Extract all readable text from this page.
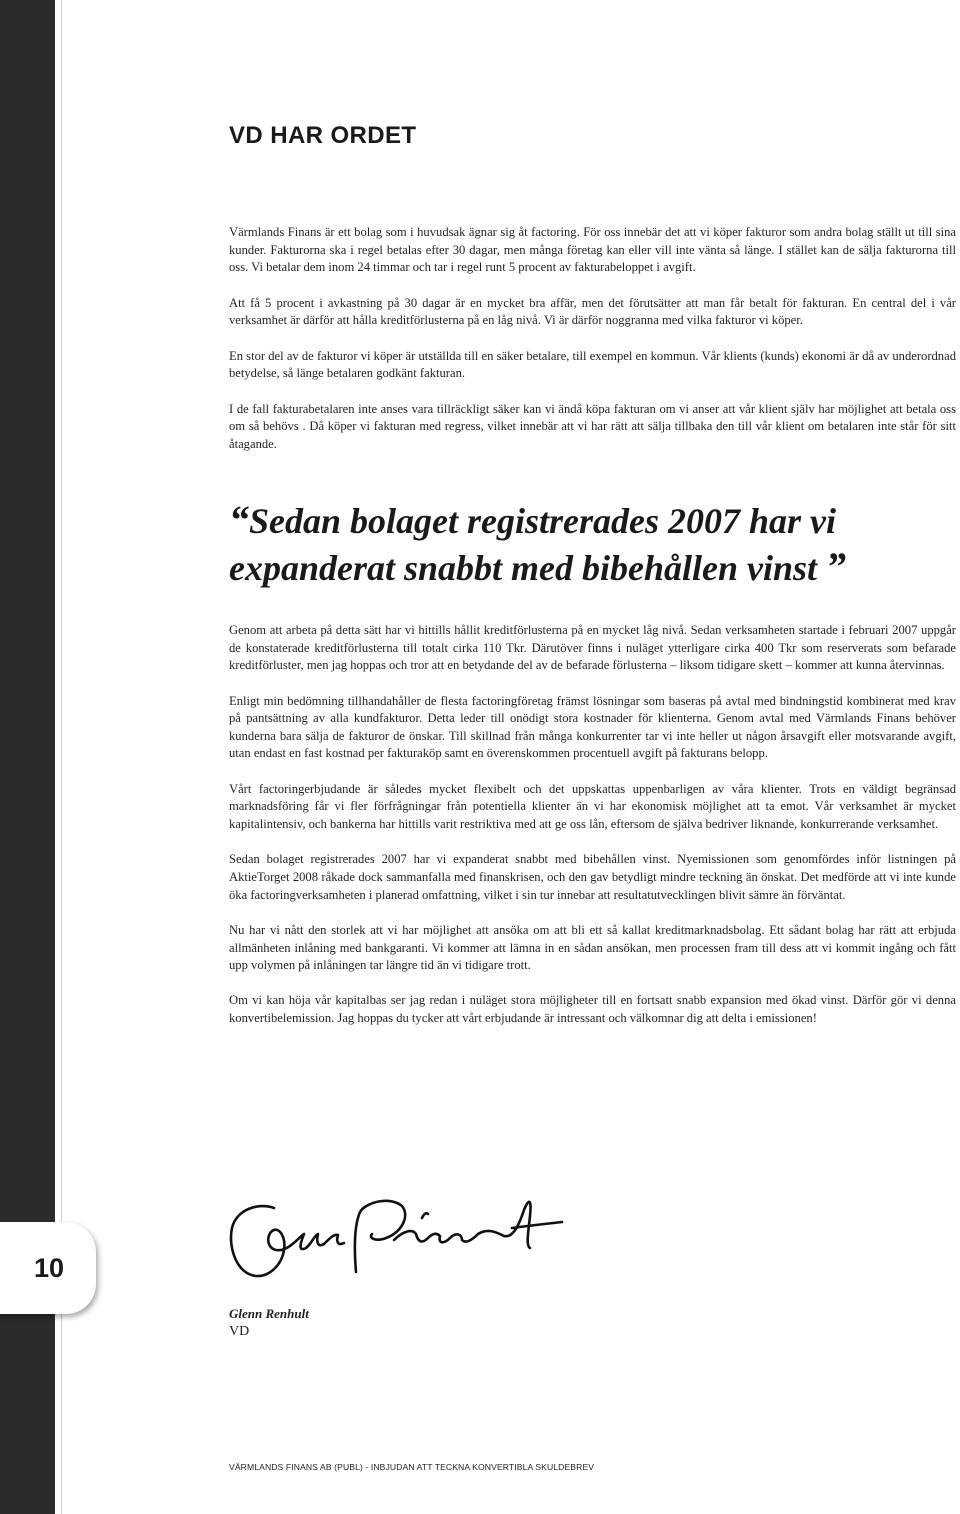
10
VD HAR ORDET

Värmlands Finans är ett bolag som i huvudsak ägnar sig åt factoring. För oss innebär det att vi köper fakturor som andra bolag ställt ut till sina kunder. Fakturorna ska i regel betalas efter 30 dagar, men många företag kan eller vill inte vänta så länge. I stället kan de sälja fakturorna till oss. Vi betalar dem inom 24 timmar och tar i regel runt 5 procent av fakturabeloppet i avgift.

Att få 5 procent i avkastning på 30 dagar är en mycket bra affär, men det förutsätter att man får betalt för fakturan. En central del i vår verksamhet är därför att hålla kreditförlusterna på en låg nivå. Vi är därför noggranna med vilka fakturor vi köper.

En stor del av de fakturor vi köper är utställda till en säker betalare, till exempel en kommun. Vår klients (kunds) ekonomi är då av underordnad betydelse, så länge betalaren godkänt fakturan.

I de fall fakturabetalaren inte anses vara tillräckligt säker kan vi ändå köpa fakturan om vi anser att vår klient själv har möjlighet att betala oss om så behövs . Då köper vi fakturan med regress, vilket innebär att vi har rätt att sälja tillbaka den till vår klient om betalaren inte står för sitt åtagande.

“Sedan bolaget registrerades 2007 har vi expanderat snabbt med bibehållen vinst ”

Genom att arbeta på detta sätt har vi hittills hållit kreditförlusterna på en mycket låg nivå. Sedan verksamheten startade i februari 2007 uppgår de konstaterade kreditförlusterna till totalt cirka 110 Tkr. Därutöver finns i nuläget ytterligare cirka 400 Tkr som reserverats som befarade kreditförluster, men jag hoppas och tror att en betydande del av de befarade förlusterna – liksom tidigare skett – kommer att kunna återvinnas.

Enligt min bedömning tillhandahåller de flesta factoringföretag främst lösningar som baseras på avtal med bindningstid kombinerat med krav på pantsättning av alla kundfakturor. Detta leder till onödigt stora kostnader för klienterna. Genom avtal med Värmlands Finans behöver kunderna bara sälja de fakturor de önskar. Till skillnad från många konkurrenter tar vi inte heller ut någon årsavgift eller motsvarande avgift, utan endast en fast kostnad per fakturaköp samt en överenskommen procentuell avgift på fakturans belopp.

Vårt factoringerbjudande är således mycket flexibelt och det uppskattas uppenbarligen av våra klienter. Trots en väldigt begränsad marknadsföring får vi fler förfrågningar från potentiella klienter än vi har ekonomisk möjlighet att ta emot. Vår verksamhet är mycket kapitalintensiv, och bankerna har hittills varit restriktiva med att ge oss lån, eftersom de själva bedriver liknande, konkurrerande verksamhet.

Sedan bolaget registrerades 2007 har vi expanderat snabbt med bibehållen vinst. Nyemissionen som genomfördes inför listningen på AktieTorget 2008 råkade dock sammanfalla med finanskrisen, och den gav betydligt mindre teckning än önskat. Det medförde att vi inte kunde öka factoringverksamheten i planerad omfattning, vilket i sin tur innebar att resultatutvecklingen blivit sämre än förväntat.

Nu har vi nått den storlek att vi har möjlighet att ansöka om att bli ett så kallat kreditmarknadsbolag. Ett sådant bolag har rätt att erbjuda allmänheten inlåning med bankgaranti. Vi kommer att lämna in en sådan ansökan, men processen fram till dess att vi kommit ingång och fått upp volymen på inlåningen tar längre tid än vi tidigare trott.

Om vi kan höja vår kapitalbas ser jag redan i nuläget stora möjligheter till en fortsatt snabb expansion med ökad vinst. Därför gör vi denna konvertibelemission. Jag hoppas du tycker att vårt erbjudande är intressant och välkomnar dig att delta i emissionen!

Glenn Renhult
VD
VÄRMLANDS FINANS AB (PUBL) - INBJUDAN ATT TECKNA KONVERTIBLA SKULDEBREV
